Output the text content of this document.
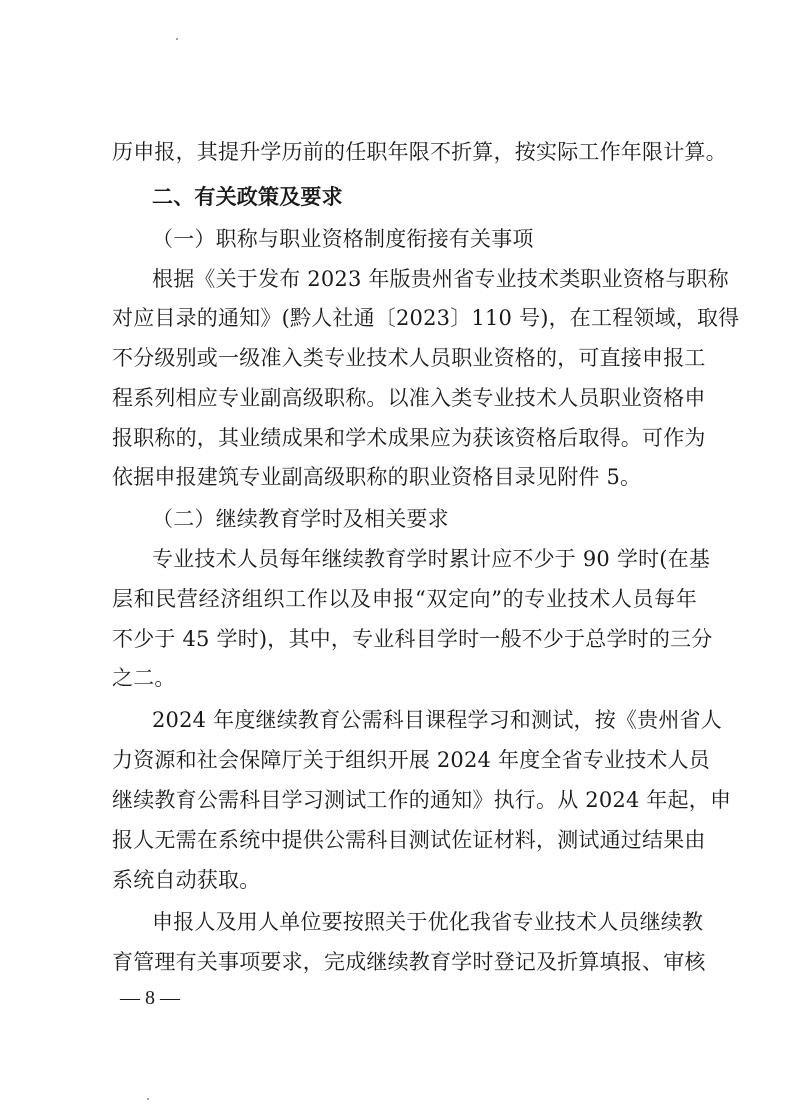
历申报，其提升学历前的任职年限不折算，按实际工作年限计算。
二、有关政策及要求
（一）职称与职业资格制度衔接有关事项
根据《关于发布 2023 年版贵州省专业技术类职业资格与职称
对应目录的通知》(黔人社通〔2023〕110 号)，在工程领域，取得
不分级别或一级准入类专业技术人员职业资格的，可直接申报工
程系列相应专业副高级职称。以准入类专业技术人员职业资格申
报职称的，其业绩成果和学术成果应为获该资格后取得。可作为
依据申报建筑专业副高级职称的职业资格目录见附件 5。
（二）继续教育学时及相关要求
专业技术人员每年继续教育学时累计应不少于 90 学时(在基
层和民营经济组织工作以及申报“双定向”的专业技术人员每年
不少于 45 学时)，其中，专业科目学时一般不少于总学时的三分
之二。
2024 年度继续教育公需科目课程学习和测试，按《贵州省人
力资源和社会保障厅关于组织开展 2024 年度全省专业技术人员
继续教育公需科目学习测试工作的通知》执行。从 2024 年起，申
报人无需在系统中提供公需科目测试佐证材料，测试通过结果由
系统自动获取。
申报人及用人单位要按照关于优化我省专业技术人员继续教
育管理有关事项要求，完成继续教育学时登记及折算填报、审核
— 8 —
